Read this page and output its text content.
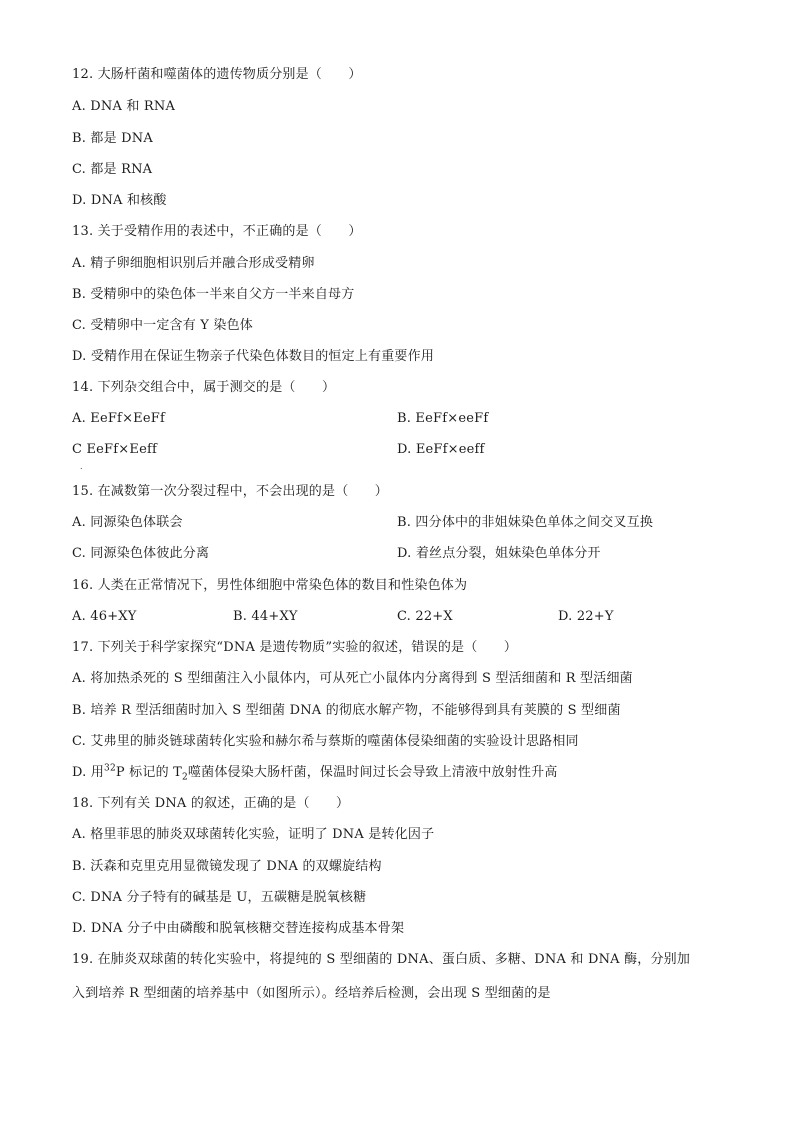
12. 大肠杆菌和噬菌体的遗传物质分别是（　　）
A. DNA 和 RNA
B. 都是 DNA
C. 都是 RNA
D. DNA 和核酸
13. 关于受精作用的表述中，不正确的是（　　）
A. 精子卵细胞相识别后并融合形成受精卵
B. 受精卵中的染色体一半来自父方一半来自母方
C. 受精卵中一定含有 Y 染色体
D. 受精作用在保证生物亲子代染色体数目的恒定上有重要作用
14. 下列杂交组合中，属于测交的是（　　）
A. EeFf×EeFf	B. EeFf×eeFf
C EeFf×Eeff	D. EeFf×eeff
.
15. 在减数第一次分裂过程中，不会出现的是（　　）
A. 同源染色体联会	B. 四分体中的非姐妹染色单体之间交叉互换
C. 同源染色体彼此分离	D. 着丝点分裂，姐妹染色单体分开
16. 人类在正常情况下，男性体细胞中常染色体的数目和性染色体为
A. 46+XY	B. 44+XY	C. 22+X	D. 22+Y
17. 下列关于科学家探究“DNA 是遗传物质”实验的叙述，错误的是（　　）
A. 将加热杀死的 S 型细菌注入小鼠体内，可从死亡小鼠体内分离得到 S 型活细菌和 R 型活细菌
B. 培养 R 型活细菌时加入 S 型细菌 DNA 的彻底水解产物，不能够得到具有荚膜的 S 型细菌
C. 艾弗里的肺炎链球菌转化实验和赫尔希与蔡斯的噬菌体侵染细菌的实验设计思路相同
D. 用$^{32}$P 标记的 $T_2$噬菌体侵染大肠杆菌，保温时间过长会导致上清液中放射性升高
18. 下列有关 DNA 的叙述，正确的是（　　）
A. 格里菲思的肺炎双球菌转化实验，证明了 DNA 是转化因子
B. 沃森和克里克用显微镜发现了 DNA 的双螺旋结构
C. DNA 分子特有的碱基是 U，五碳糖是脱氧核糖
D. DNA 分子中由磷酸和脱氧核糖交替连接构成基本骨架
19. 在肺炎双球菌的转化实验中，将提纯的 S 型细菌的 DNA、蛋白质、多糖、DNA 和 DNA 酶，分别加
入到培养 R 型细菌的培养基中（如图所示）。经培养后检测，会出现 S 型细菌的是
